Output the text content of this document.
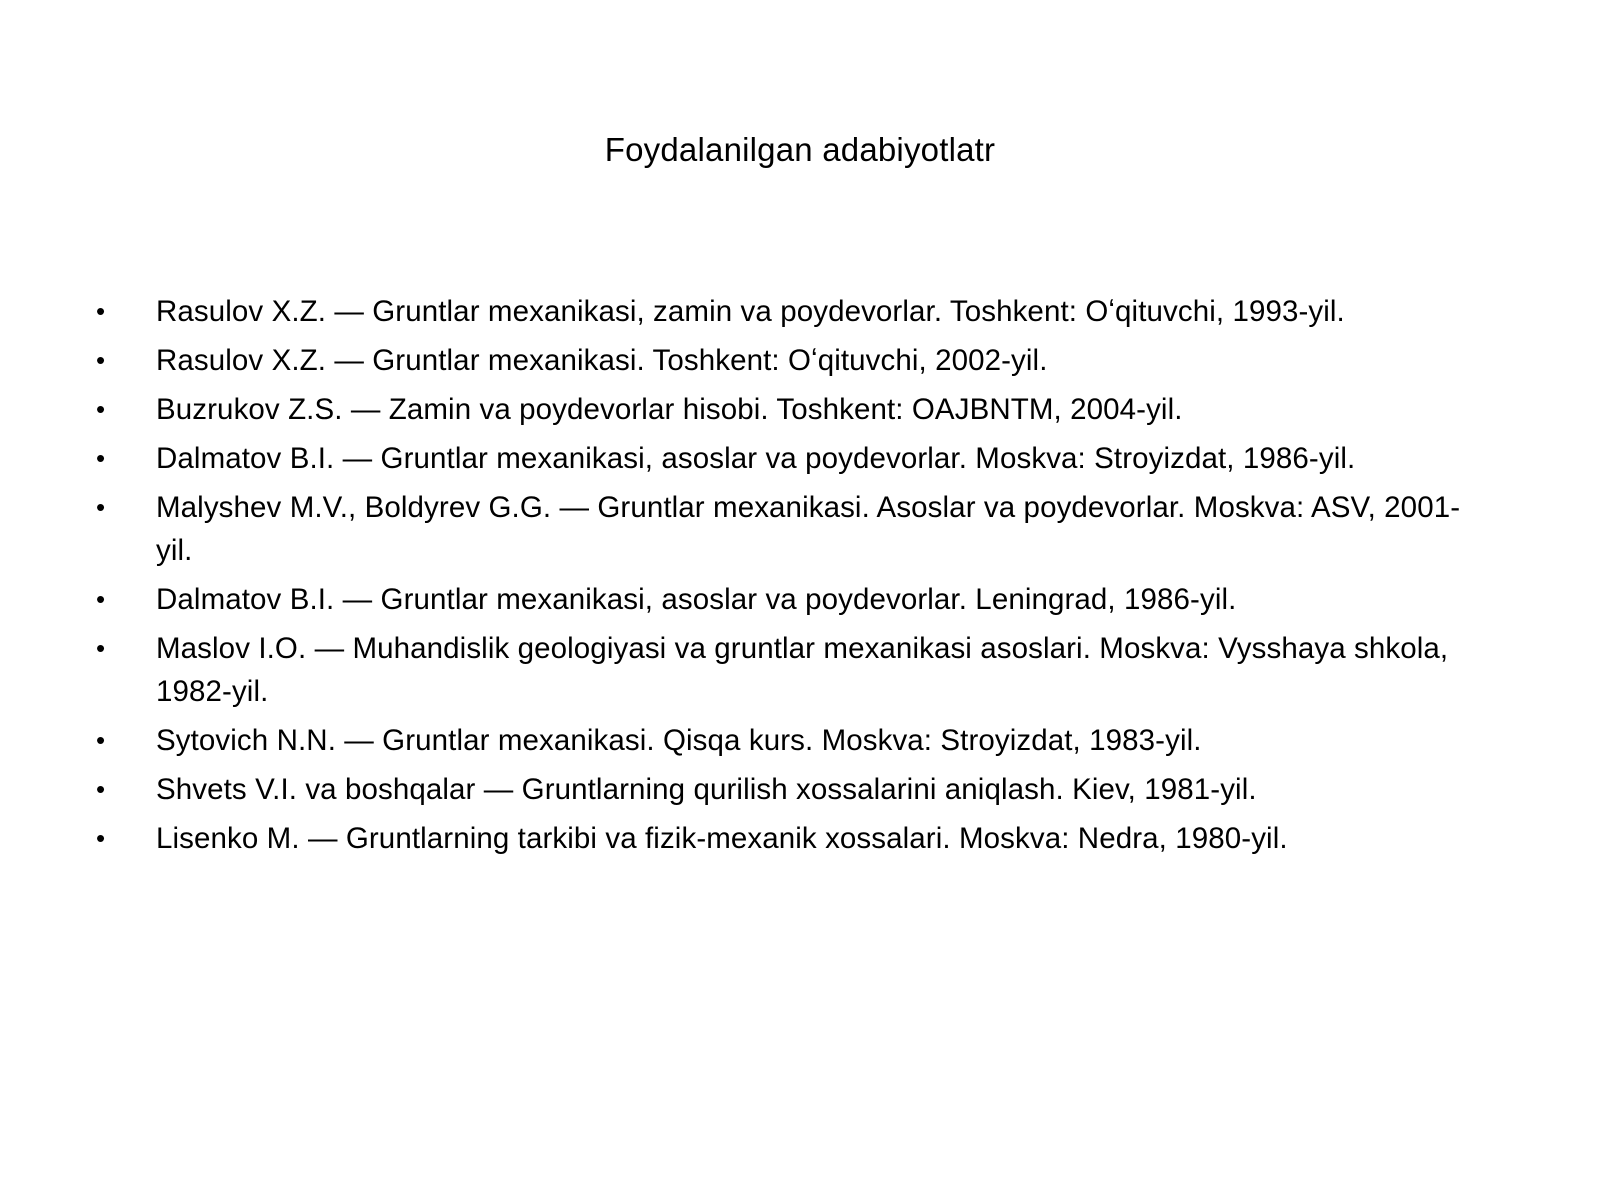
Foydalanilgan adabiyotlatr
•	Rasulov X.Z. — Gruntlar mexanikasi, zamin va poydevorlar. Toshkent: Oʻqituvchi, 1993-yil.
•	Rasulov X.Z. — Gruntlar mexanikasi. Toshkent: Oʻqituvchi, 2002-yil.
•	Buzrukov Z.S. — Zamin va poydevorlar hisobi. Toshkent: OAJBNTM, 2004-yil.
•	Dalmatov B.I. — Gruntlar mexanikasi, asoslar va poydevorlar. Moskva: Stroyizdat, 1986-yil.
•	Malyshev M.V., Boldyrev G.G. — Gruntlar mexanikasi. Asoslar va poydevorlar. Moskva: ASV, 2001-yil.
•	Dalmatov B.I. — Gruntlar mexanikasi, asoslar va poydevorlar. Leningrad, 1986-yil.
•	Maslov I.O. — Muhandislik geologiyasi va gruntlar mexanikasi asoslari. Moskva: Vysshaya shkola, 1982-yil.
•	Sytovich N.N. — Gruntlar mexanikasi. Qisqa kurs. Moskva: Stroyizdat, 1983-yil.
•	Shvets V.I. va boshqalar — Gruntlarning qurilish xossalarini aniqlash. Kiev, 1981-yil.
•	Lisenko M. — Gruntlarning tarkibi va fizik-mexanik xossalari. Moskva: Nedra, 1980-yil.
